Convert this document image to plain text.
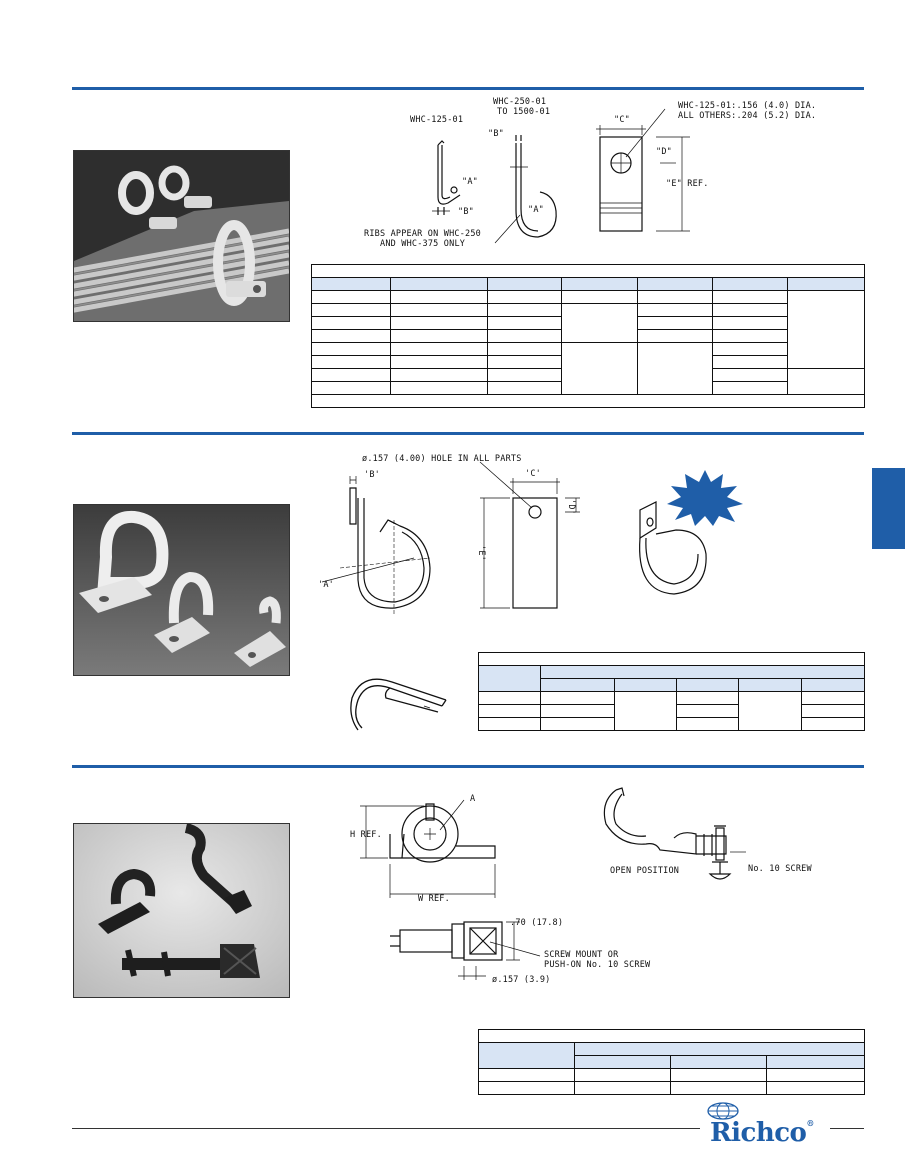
WHC-125-01
WHC-250-01
TO 1500-01
"B"
"A"
"B"	"A"
RIBS APPEAR ON WHC-250
AND WHC-375 ONLY
"C"
"D"
"E" REF.
WHC-125-01:.156 (4.0) DIA.
ALL OTHERS:.204 (5.2) DIA.

ø.157 (4.00) HOLE IN ALL PARTS
'B'
'A'
'C'
'D'
'E'

A
H REF.
W REF.
.70 (17.8)
SCREW MOUNT OR
PUSH-ON No. 10 SCREW
ø.157 (3.9)
OPEN POSITION	No. 10 SCREW

Richco®
